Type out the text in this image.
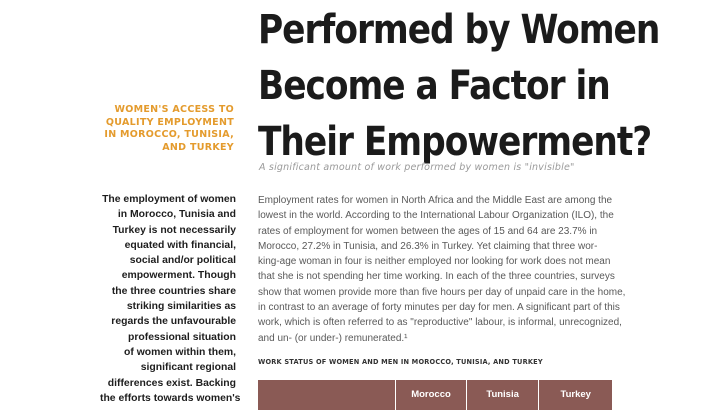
Performed by Women
Become a Factor in
Their Empowerment?
WOMEN'S ACCESS TO
QUALITY EMPLOYMENT
IN MOROCCO, TUNISIA,
AND TURKEY
A significant amount of work performed by women is "invisible"
The employment of women
in Morocco, Tunisia and
Turkey is not necessarily
equated with financial,
social and/or political
empowerment. Though
the three countries share
striking similarities as
regards the unfavourable
professional situation
of women within them,
significant regional
differences exist. Backing
the efforts towards women's
Employment rates for women in North Africa and the Middle East are among the
lowest in the world. According to the International Labour Organization (ILO), the
rates of employment for women between the ages of 15 and 64 are 23.7% in
Morocco, 27.2% in Tunisia, and 26.3% in Turkey. Yet claiming that three wor-
king-age woman in four is neither employed nor looking for work does not mean
that she is not spending her time working. In each of the three countries, surveys
show that women provide more than five hours per day of unpaid care in the home,
in contrast to an average of forty minutes per day for men. A significant part of this
work, which is often referred to as "reproductive" labour, is informal, unrecognized,
and un- (or under-) remunerated.¹
WORK STATUS OF WOMEN AND MEN IN MOROCCO, TUNISIA, AND TURKEY
Morocco	Tunisia	Turkey
